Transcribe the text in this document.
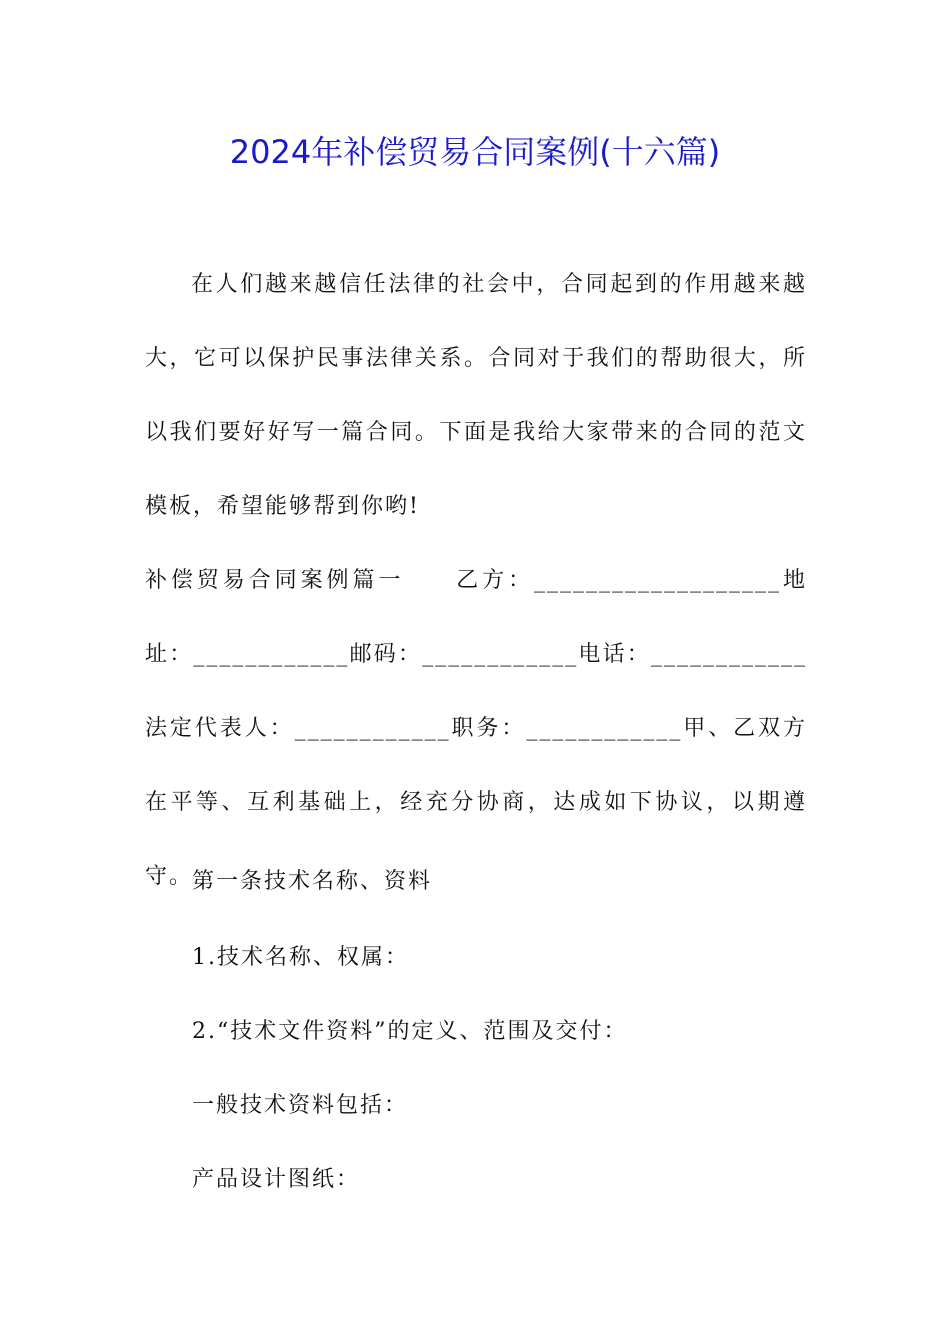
2024年补偿贸易合同案例(十六篇)
在人们越来越信任法律的社会中，合同起到的作用越来越大，它可以保护民事法律关系。合同对于我们的帮助很大，所以我们要好好写一篇合同。下面是我给大家带来的合同的范文模板，希望能够帮到你哟!
补偿贸易合同案例篇一　　乙方：___________________地址：____________邮码：____________电话：____________法定代表人：____________职务：____________甲、乙双方在平等、互利基础上，经充分协商，达成如下协议，以期遵守。
第一条技术名称、资料
1.技术名称、权属：
2.“技术文件资料”的定义、范围及交付：
一般技术资料包括：
产品设计图纸：
